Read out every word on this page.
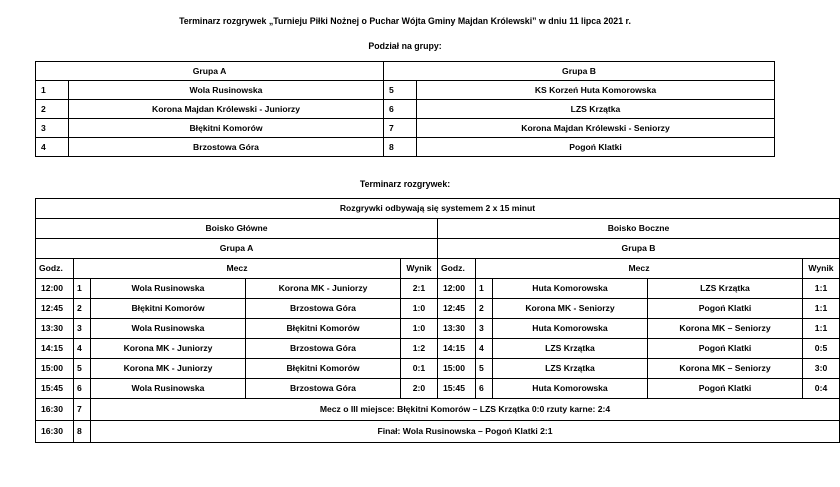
Terminarz rozgrywek „Turnieju Piłki Nożnej o Puchar Wójta Gminy Majdan Królewski” w dniu 11 lipca 2021 r.
Podział na grupy:
Grupa A		Grupa B	
1	Wola Rusinowska	5	KS Korzeń Huta Komorowska
2	Korona Majdan Królewski - Juniorzy	6	LZS Krzątka
3	Błękitni Komorów	7	Korona Majdan Królewski - Seniorzy
4	Brzostowa Góra	8	Pogoń Klatki
Terminarz rozgrywek:
Rozgrywki odbywają się systemem 2 x 15 minut									
Boisko Główne					Boisko Boczne				
Grupa A					Grupa B				
Godz.	Mecz			Wynik	Godz.	Mecz			Wynik
12:00	1	Wola Rusinowska	Korona MK - Juniorzy	2:1	12:00	1	Huta Komorowska	LZS Krzątka	1:1
12:45	2	Błękitni Komorów	Brzostowa Góra	1:0	12:45	2	Korona MK - Seniorzy	Pogoń Klatki	1:1
13:30	3	Wola Rusinowska	Błękitni Komorów	1:0	13:30	3	Huta Komorowska	Korona MK – Seniorzy	1:1
14:15	4	Korona MK - Juniorzy	Brzostowa Góra	1:2	14:15	4	LZS Krzątka	Pogoń Klatki	0:5
15:00	5	Korona MK - Juniorzy	Błękitni Komorów	0:1	15:00	5	LZS Krzątka	Korona MK – Seniorzy	3:0
15:45	6	Wola Rusinowska	Brzostowa Góra	2:0	15:45	6	Huta Komorowska	Pogoń Klatki	0:4
16:30	7	Mecz o III miejsce: Błękitni Komorów – LZS Krzątka 0:0 rzuty karne: 2:4							
16:30	8	Finał: Wola Rusinowska – Pogoń Klatki 2:1							
